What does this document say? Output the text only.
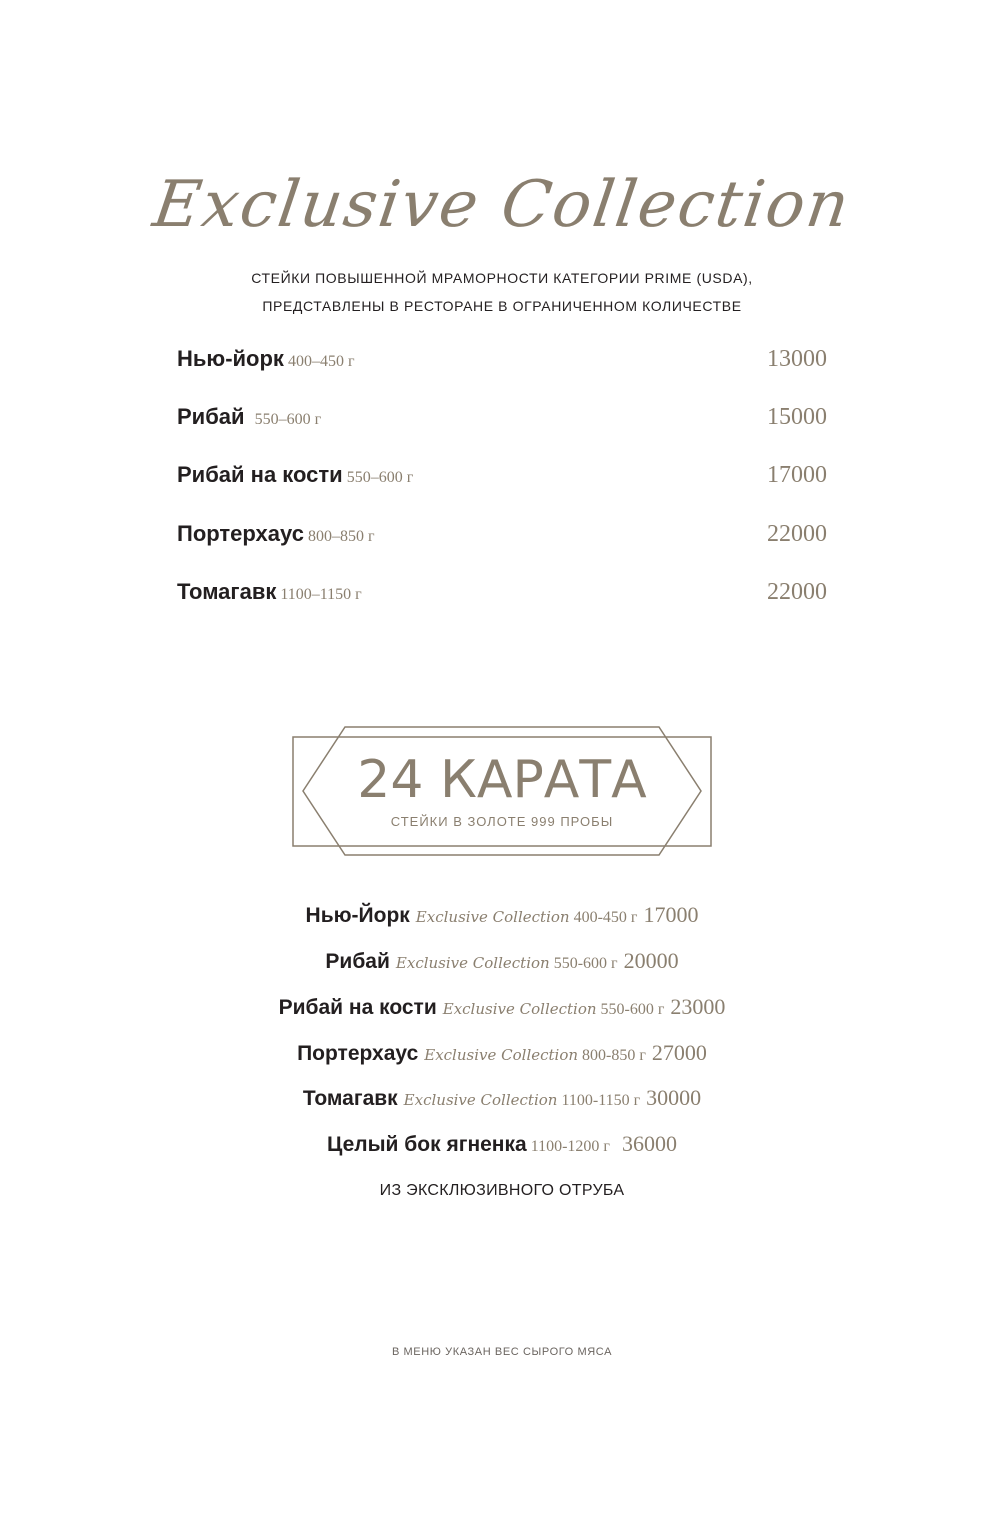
Exclusive Collection
СТЕЙКИ ПОВЫШЕННОЙ МРАМОРНОСТИ КАТЕГОРИИ PRIME (USDA),
ПРЕДСТАВЛЕНЫ В РЕСТОРАНЕ В ОГРАНИЧЕННОМ КОЛИЧЕСТВЕ
Нью-йорк 400–450 г	13000
Рибай 550–600 г	15000
Рибай на кости 550–600 г	17000
Портерхаус 800–850 г	22000
Томагавк 1100–1150 г	22000
24 КАРАТА
СТЕЙКИ В ЗОЛОТЕ 999 ПРОБЫ
Нью-Йорк Exclusive Collection 400-450 г 17000
Рибай Exclusive Collection 550-600 г 20000
Рибай на кости Exclusive Collection 550-600 г 23000
Портерхаус Exclusive Collection 800-850 г 27000
Томагавк Exclusive Collection 1100-1150 г 30000
Целый бок ягненка 1100-1200 г 36000
ИЗ ЭКСКЛЮЗИВНОГО ОТРУБА
В МЕНЮ УКАЗАН ВЕС СЫРОГО МЯСА
